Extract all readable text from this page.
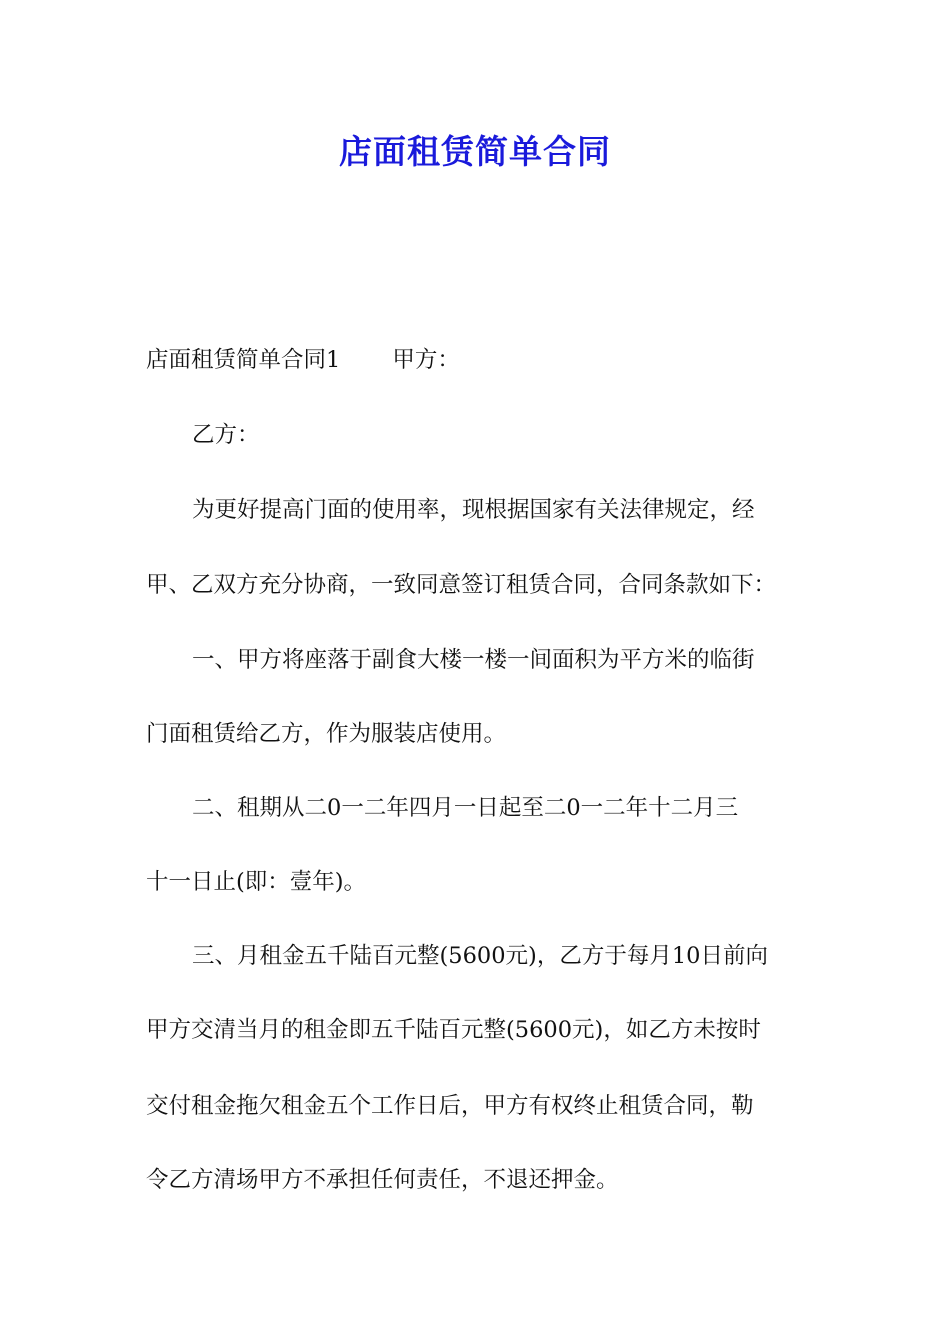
店面租赁简单合同
店面租赁简单合同1 甲方：
乙方：
为更好提高门面的使用率，现根据国家有关法律规定，经
甲、乙双方充分协商，一致同意签订租赁合同，合同条款如下：
一、甲方将座落于副食大楼一楼一间面积为平方米的临街
门面租赁给乙方，作为服装店使用。
二、租期从二0一二年四月一日起至二0一二年十二月三
十一日止(即：壹年)。
三、月租金五千陆百元整(5600元)，乙方于每月10日前向
甲方交清当月的租金即五千陆百元整(5600元)，如乙方未按时
交付租金拖欠租金五个工作日后，甲方有权终止租赁合同，勒
令乙方清场甲方不承担任何责任，不退还押金。
